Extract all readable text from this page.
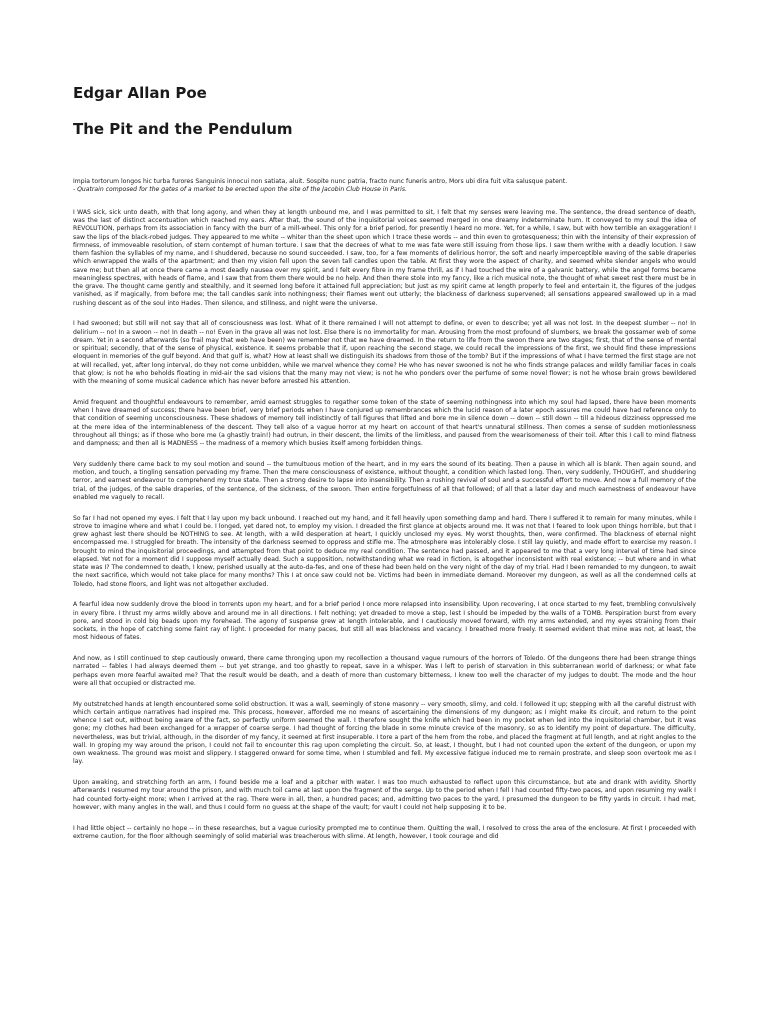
Edgar Allan Poe
The Pit and the Pendulum
Impia tortorum longos hic turba furores Sanguinis innocui non satiata, aluit. Sospite nunc patria, fracto nunc funeris antro, Mors ubi dira fuit vita salusque patent.
- Quatrain composed for the gates of a market to be erected upon the site of the Jacobin Club House in Paris.

I WAS sick, sick unto death, with that long agony, and when they at length unbound me, and I was permitted to sit, I felt that my senses were leaving me. The sentence, the dread sentence of death, was the last of distinct accentuation which reached my ears. After that, the sound of the inquisitorial voices seemed merged in one dreamy indeterminate hum. It conveyed to my soul the idea of REVOLUTION, perhaps from its association in fancy with the burr of a mill-wheel. This only for a brief period, for presently I heard no more. Yet, for a while, I saw, but with how terrible an exaggeration! I saw the lips of the black-robed judges. They appeared to me white -- whiter than the sheet upon which I trace these words -- and thin even to grotesqueness; thin with the intensity of their expression of firmness, of immoveable resolution, of stern contempt of human torture. I saw that the decrees of what to me was fate were still issuing from those lips. I saw them writhe with a deadly locution. I saw them fashion the syllables of my name, and I shuddered, because no sound succeeded. I saw, too, for a few moments of delirious horror, the soft and nearly imperceptible waving of the sable draperies which enwrapped the walls of the apartment; and then my vision fell upon the seven tall candles upon the table. At first they wore the aspect of charity, and seemed white slender angels who would save me; but then all at once there came a most deadly nausea over my spirit, and I felt every fibre in my frame thrill, as if I had touched the wire of a galvanic battery, while the angel forms became meaningless spectres, with heads of flame, and I saw that from them there would be no help. And then there stole into my fancy, like a rich musical note, the thought of what sweet rest there must be in the grave. The thought came gently and stealthily, and it seemed long before it attained full appreciation; but just as my spirit came at length properly to feel and entertain it, the figures of the judges vanished, as if magically, from before me; the tall candles sank into nothingness; their flames went out utterly; the blackness of darkness supervened; all sensations appeared swallowed up in a mad rushing descent as of the soul into Hades. Then silence, and stillness, and night were the universe.

I had swooned; but still will not say that all of consciousness was lost. What of it there remained I will not attempt to define, or even to describe; yet all was not lost. In the deepest slumber -- no! In delirium -- no! In a swoon -- no! In death -- no! Even in the grave all was not lost. Else there is no immortality for man. Arousing from the most profound of slumbers, we break the gossamer web of some dream. Yet in a second afterwards (so frail may that web have been) we remember not that we have dreamed. In the return to life from the swoon there are two stages; first, that of the sense of mental or spiritual; secondly, that of the sense of physical, existence. It seems probable that if, upon reaching the second stage, we could recall the impressions of the first, we should find these impressions eloquent in memories of the gulf beyond. And that gulf is, what? How at least shall we distinguish its shadows from those of the tomb? But if the impressions of what I have termed the first stage are not at will recalled, yet, after long interval, do they not come unbidden, while we marvel whence they come? He who has never swooned is not he who finds strange palaces and wildly familiar faces in coals that glow; is not he who beholds floating in mid-air the sad visions that the many may not view; is not he who ponders over the perfume of some novel flower; is not he whose brain grows bewildered with the meaning of some musical cadence which has never before arrested his attention.

Amid frequent and thoughtful endeavours to remember, amid earnest struggles to regather some token of the state of seeming nothingness into which my soul had lapsed, there have been moments when I have dreamed of success; there have been brief, very brief periods when I have conjured up remembrances which the lucid reason of a later epoch assures me could have had reference only to that condition of seeming unconsciousness. These shadows of memory tell indistinctly of tall figures that lifted and bore me in silence down -- down -- still down -- till a hideous dizziness oppressed me at the mere idea of the interminableness of the descent. They tell also of a vague horror at my heart on account of that heart's unnatural stillness. Then comes a sense of sudden motionlessness throughout all things; as if those who bore me (a ghastly train!) had outrun, in their descent, the limits of the limitless, and paused from the wearisomeness of their toil. After this I call to mind flatness and dampness; and then all is MADNESS -- the madness of a memory which busies itself among forbidden things.

Very suddenly there came back to my soul motion and sound -- the tumultuous motion of the heart, and in my ears the sound of its beating. Then a pause in which all is blank. Then again sound, and motion, and touch, a tingling sensation pervading my frame. Then the mere consciousness of existence, without thought, a condition which lasted long. Then, very suddenly, THOUGHT, and shuddering terror, and earnest endeavour to comprehend my true state. Then a strong desire to lapse into insensibility. Then a rushing revival of soul and a successful effort to move. And now a full memory of the trial, of the judges, of the sable draperies, of the sentence, of the sickness, of the swoon. Then entire forgetfulness of all that followed; of all that a later day and much earnestness of endeavour have enabled me vaguely to recall.

So far I had not opened my eyes. I felt that I lay upon my back unbound. I reached out my hand, and it fell heavily upon something damp and hard. There I suffered it to remain for many minutes, while I strove to imagine where and what I could be. I longed, yet dared not, to employ my vision. I dreaded the first glance at objects around me. It was not that I feared to look upon things horrible, but that I grew aghast lest there should be NOTHING to see. At length, with a wild desperation at heart, I quickly unclosed my eyes. My worst thoughts, then, were confirmed. The blackness of eternal night encompassed me. I struggled for breath. The intensity of the darkness seemed to oppress and stifle me. The atmosphere was intolerably close. I still lay quietly, and made effort to exercise my reason. I brought to mind the inquisitorial proceedings, and attempted from that point to deduce my real condition. The sentence had passed, and it appeared to me that a very long interval of time had since elapsed. Yet not for a moment did I suppose myself actually dead. Such a supposition, notwithstanding what we read in fiction, is altogether inconsistent with real existence; -- but where and in what state was I? The condemned to death, I knew, perished usually at the auto-da-fes, and one of these had been held on the very night of the day of my trial. Had I been remanded to my dungeon, to await the next sacrifice, which would not take place for many months? This I at once saw could not be. Victims had been in immediate demand. Moreover my dungeon, as well as all the condemned cells at Toledo, had stone floors, and light was not altogether excluded.

A fearful idea now suddenly drove the blood in torrents upon my heart, and for a brief period I once more relapsed into insensibility. Upon recovering, I at once started to my feet, trembling convulsively in every fibre. I thrust my arms wildly above and around me in all directions. I felt nothing; yet dreaded to move a step, lest I should be impeded by the walls of a TOMB. Perspiration burst from every pore, and stood in cold big beads upon my forehead. The agony of suspense grew at length intolerable, and I cautiously moved forward, with my arms extended, and my eyes straining from their sockets, in the hope of catching some faint ray of light. I proceeded for many paces, but still all was blackness and vacancy. I breathed more freely. It seemed evident that mine was not, at least, the most hideous of fates.

And now, as I still continued to step cautiously onward, there came thronging upon my recollection a thousand vague rumours of the horrors of Toledo. Of the dungeons there had been strange things narrated -- fables I had always deemed them -- but yet strange, and too ghastly to repeat, save in a whisper. Was I left to perish of starvation in this subterranean world of darkness; or what fate perhaps even more fearful awaited me? That the result would be death, and a death of more than customary bitterness, I knew too well the character of my judges to doubt. The mode and the hour were all that occupied or distracted me.

My outstretched hands at length encountered some solid obstruction. It was a wall, seemingly of stone masonry -- very smooth, slimy, and cold. I followed it up; stepping with all the careful distrust with which certain antique narratives had inspired me. This process, however, afforded me no means of ascertaining the dimensions of my dungeon; as I might make its circuit, and return to the point whence I set out, without being aware of the fact, so perfectly uniform seemed the wall. I therefore sought the knife which had been in my pocket when led into the inquisitorial chamber, but it was gone; my clothes had been exchanged for a wrapper of coarse serge. I had thought of forcing the blade in some minute crevice of the masonry, so as to identify my point of departure. The difficulty, nevertheless, was but trivial, although, in the disorder of my fancy, it seemed at first insuperable. I tore a part of the hem from the robe, and placed the fragment at full length, and at right angles to the wall. In groping my way around the prison, I could not fail to encounter this rag upon completing the circuit. So, at least, I thought, but I had not counted upon the extent of the dungeon, or upon my own weakness. The ground was moist and slippery. I staggered onward for some time, when I stumbled and fell. My excessive fatigue induced me to remain prostrate, and sleep soon overtook me as I lay.

Upon awaking, and stretching forth an arm, I found beside me a loaf and a pitcher with water. I was too much exhausted to reflect upon this circumstance, but ate and drank with avidity. Shortly afterwards I resumed my tour around the prison, and with much toil came at last upon the fragment of the serge. Up to the period when I fell I had counted fifty-two paces, and upon resuming my walk I had counted forty-eight more; when I arrived at the rag. There were in all, then, a hundred paces; and, admitting two paces to the yard, I presumed the dungeon to be fifty yards in circuit. I had met, however, with many angles in the wall, and thus I could form no guess at the shape of the vault; for vault I could not help supposing it to be.

I had little object -- certainly no hope -- in these researches, but a vague curiosity prompted me to continue them. Quitting the wall, I resolved to cross the area of the enclosure. At first I proceeded with extreme caution, for the floor although seemingly of solid material was treacherous with slime. At length, however, I took courage and did
